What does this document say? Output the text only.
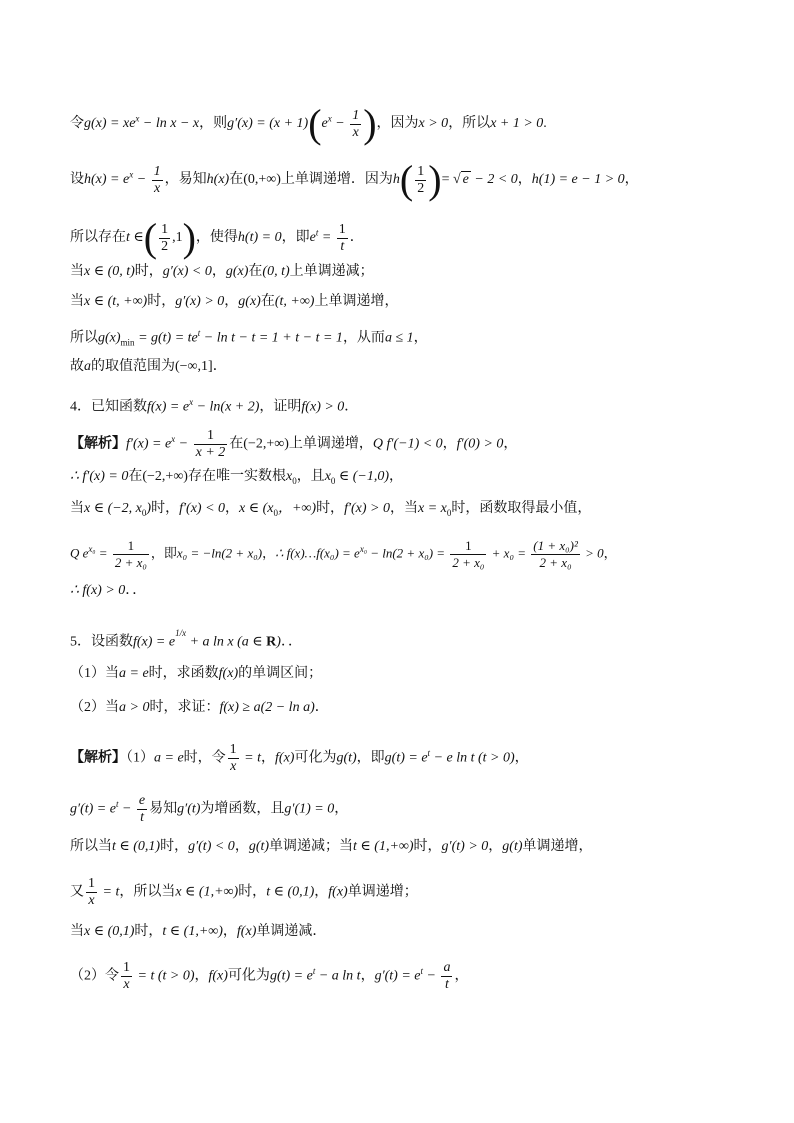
令$g(x) = xe^x - \ln x - x$，则$g'(x) = (x + 1)(e^x - \frac{1}{x}$ )，因为x > 0，所以x + 1 > 0.
设$h(x) = e^x - \frac{1}{x}$ ，易知h(x)在(0,+∞)上单调递增．因为$h( \frac{1}{2}$ )= √ e − 2 < 0，h(1) = e − 1 > 0，
所以存在t ∈( $\frac{1}{2} ,1$)，使得h(t) = 0，即$e^t = \frac{1}{t}$ ．
当x ∈ (0, t)时，g′(x) < 0，g(x)在(0, t)上单调递减；
当x ∈ (t, +∞)时，g′(x) > 0，g(x)在(t, +∞)上单调递增，
所以$g(x)_{min} = g(t) = te^t - \ln t - t = 1 + t - t = 1$，从而a ≤ 1，
故a的取值范围为(−∞,1]．
4．已知函数$f(x) = e^x - \ln(x + 2)$，证明f(x) > 0．
【解析】$f'(x) = e^x - \frac{1}{x + 2}$ 在(−2,+∞)上单调递增，Q f′(−1) < 0，f′(0) > 0，
∴ f′(x) = 0在(−2,+∞)存在唯一实数根$x_0$，且$x_0$ ∈ (−1,0)，
当x ∈ (−2, $x_0$)时，f′(x) < 0，x ∈ ($x_0$，+∞)时，f′(x) > 0，当$x = x_0$时，函数取得最小值，
Q $e^{x_0} = \frac{1}{\text{2 + x₀}}$ ，即x₀ = −ln(2 + x₀)，∴ f(x)…f(x₀) = $e^{x_0} - \ln(2 + x_0) = \frac{1}{\text{2 + x₀}} + x_0 = \frac{\text{(1 + x₀)²}}{\text{2 + x₀}} > 0$，
∴ f(x) > 0．．
5．设函数$f(x) = e^{1/x} + a$ ln x (a ∈ R)．．
（1）当a = e时，求函数f(x)的单调区间；
（2）当a > 0时，求证：f(x) ≥ a(2 − ln a)．
【解析】（1）a = e时，令 $\frac{1}{x} = t$，f(x)可化为g(t)，即$g(t) = e^t - e$ ln t (t > 0)，
$g'(t) = e^t - \frac{e}{t}$ 易知g′(t)为增函数，且g′(1) = 0，
所以当t ∈ (0,1)时，g′(t) < 0，g(t)单调递减；当t ∈ (1,+∞)时，g′(t) > 0，g(t)单调递增，
又 $\frac{1}{x} = t$，所以当x ∈ (1,+∞)时，t ∈ (0,1)，f(x)单调递增；
当x ∈ (0,1)时，t ∈ (1,+∞)，f(x)单调递减．
（2）令 $\frac{1}{x} = t$ (t > 0)，f(x)可化为$g(t) = e^t - a$ ln t，$g'(t) = e^t - \frac{a}{t}$ ，
